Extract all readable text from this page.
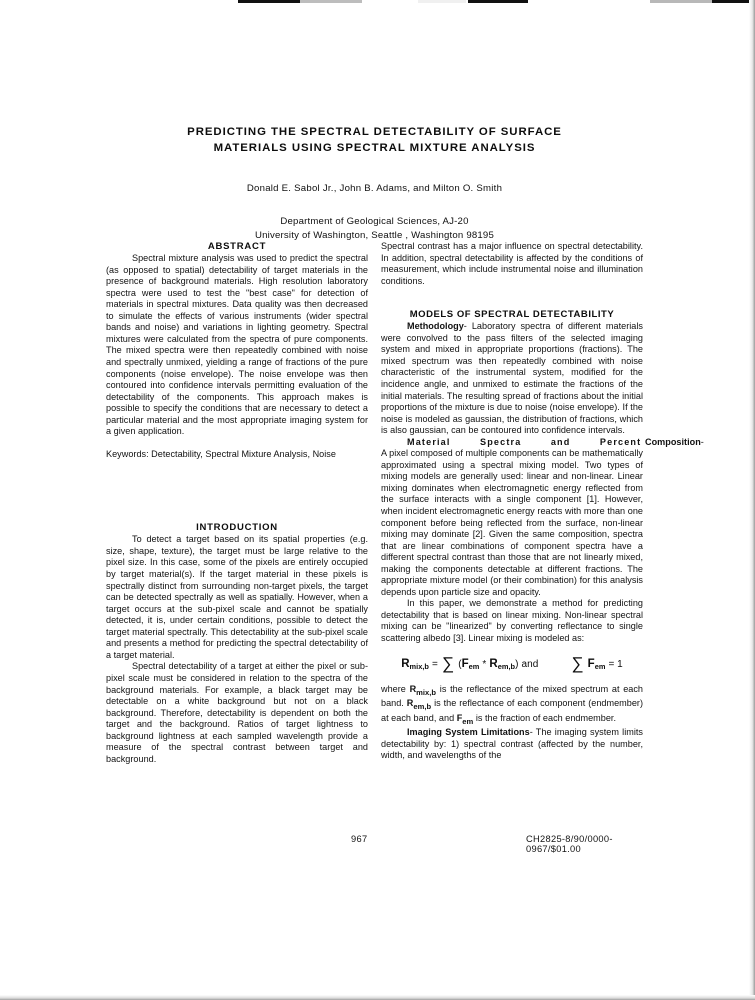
PREDICTING THE SPECTRAL DETECTABILITY OF SURFACE
MATERIALS USING SPECTRAL MIXTURE ANALYSIS
Donald E. Sabol Jr., John B. Adams, and Milton O. Smith
Department of Geological Sciences, AJ-20
University of Washington, Seattle , Washington 98195
ABSTRACT

Spectral mixture analysis was used to predict the spectral (as opposed to spatial) detectability of target materials in the presence of background materials. High resolution laboratory spectra were used to test the "best case" for detection of materials in spectral mixtures. Data quality was then decreased to simulate the effects of various instruments (wider spectral bands and noise) and variations in lighting geometry. Spectral mixtures were calculated from the spectra of pure components. The mixed spectra were then repeatedly combined with noise and spectrally unmixed, yielding a range of fractions of the pure components (noise envelope). The noise envelope was then contoured into confidence intervals permitting evaluation of the detectability of the components. This approach makes is possible to specify the conditions that are necessary to detect a particular material and the most appropriate imaging system for a given application.

Keywords: Detectability, Spectral Mixture Analysis, Noise

INTRODUCTION

To detect a target based on its spatial properties (e.g. size, shape, texture), the target must be large relative to the pixel size. In this case, some of the pixels are entirely occupied by target material(s). If the target material in these pixels is spectrally distinct from surrounding non-target pixels, the target can be detected spectrally as well as spatially. However, when a target occurs at the sub-pixel scale and cannot be spatially detected, it is, under certain conditions, possible to detect the target material spectrally. This detectability at the sub-pixel scale and presents a method for predicting the spectral detectability of a target material.

Spectral detectability of a target at either the pixel or sub-pixel scale must be considered in relation to the spectra of the background materials. For example, a black target may be detectable on a white background but not on a black background. Therefore, detectability is dependent on both the target and the background. Ratios of target lightness to background lightness at each sampled wavelength provide a measure of the spectral contrast between target and background.

Spectral contrast has a major influence on spectral detectability. In addition, spectral detectability is affected by the conditions of measurement, which include instrumental noise and illumination conditions.

MODELS OF SPECTRAL DETECTABILITY

Methodology- Laboratory spectra of different materials were convolved to the pass filters of the selected imaging system and mixed in appropriate proportions (fractions). The mixed spectrum was then repeatedly combined with noise characteristic of the instrumental system, modified for the incidence angle, and unmixed to estimate the fractions of the initial materials. The resulting spread of fractions about the initial proportions of the mixture is due to noise (noise envelope). If the noise is modeled as gaussian, the distribution of fractions, which is also gaussian, can be contoured into confidence intervals.

Material	Spectra	and	Percent Composition- A pixel composed of multiple components can be mathematically approximated using a spectral mixing model. Two types of mixing models are generally used: linear and non-linear. Linear mixing dominates when electromagnetic energy reflected from the surface interacts with a single component [1]. However, when incident electromagnetic energy reacts with more than one component before being reflected from the surface, non-linear mixing may dominate [2]. Given the same composition, spectra that are linear combinations of component spectra have a different spectral contrast than those that are not linearly mixed, making the components detectable at different fractions. The appropriate mixture model (or their combination) for this analysis depends upon particle size and opacity.

In this paper, we demonstrate a method for predicting detectability that is based on linear mixing. Non-linear spectral mixing can be "linearized" by converting reflectance to single scattering albedo [3]. Linear mixing is modeled as:

$R_{mix,b}$ = ∑ $(F_{em} * R_{em,b})$ and ∑ $F_{em} = 1$

where $R_{mix,b}$ is the reflectance of the mixed spectrum at each band. $R_{em,b}$ is the reflectance of each component (endmember) at each band, and $F_{em}$ is the fraction of each endmember.

Imaging System Limitations- The imaging system limits detectability by: 1) spectral contrast (affected by the number, width, and wavelengths of the

967	CH2825-8/90/0000-0967/$01.00
